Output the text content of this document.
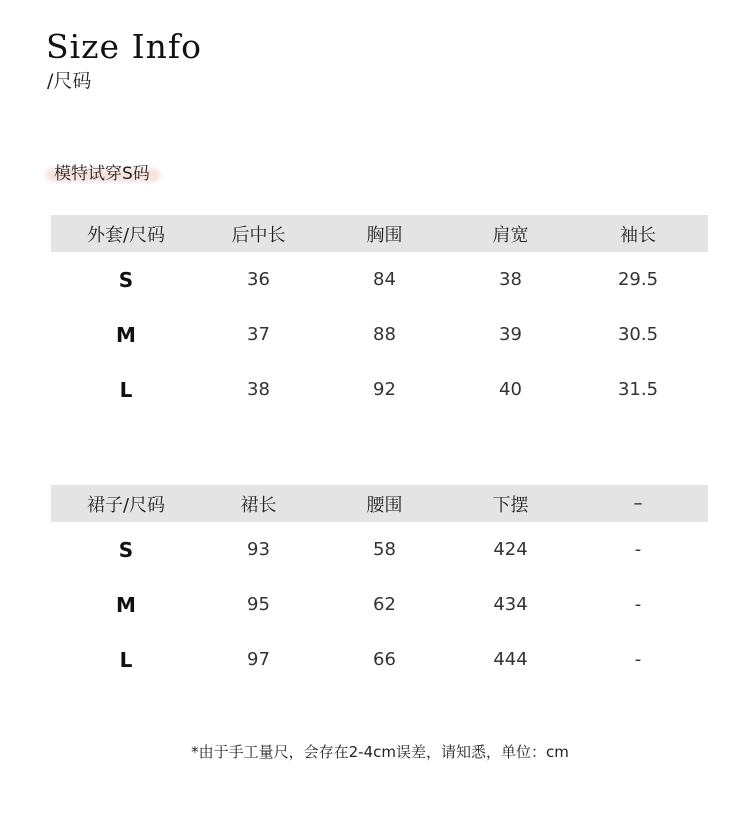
Size Info
/尺码
模特试穿S码
外套/尺码	后中长	胸围	肩宽	袖长
S	36	84	38	29.5
M	37	88	39	30.5
L	38	92	40	31.5
裙子/尺码	裙长	腰围	下摆	–
S	93	58	424	-
M	95	62	434	-
L	97	66	444	-
*由于手工量尺，会存在2-4cm误差，请知悉，单位：cm
